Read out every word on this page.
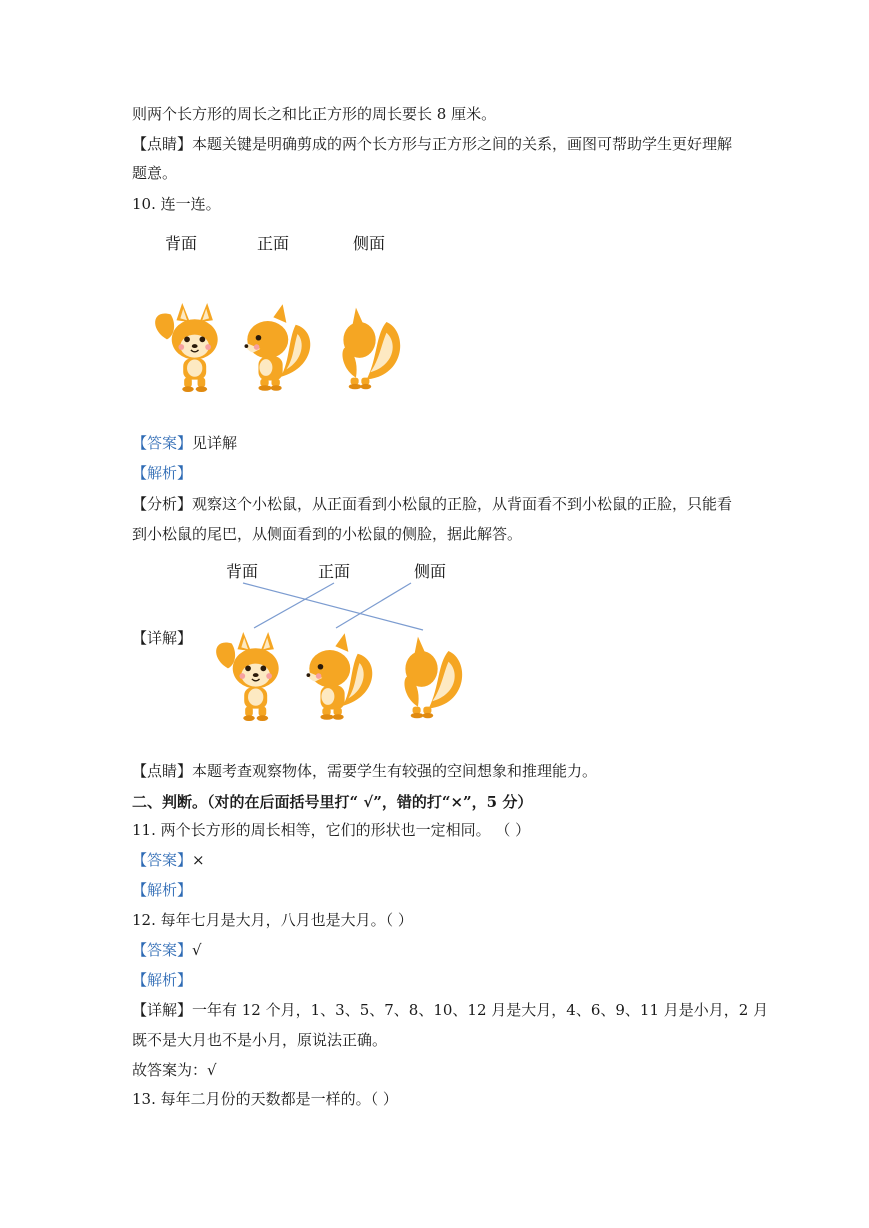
则两个长方形的周长之和比正方形的周长要长 8 厘米。
【点睛】本题关键是明确剪成的两个长方形与正方形之间的关系，画图可帮助学生更好理解
题意。
10. 连一连。
背面	正面	侧面
【答案】见详解
【解析】
【分析】观察这个小松鼠，从正面看到小松鼠的正脸，从背面看不到小松鼠的正脸，只能看
到小松鼠的尾巴，从侧面看到的小松鼠的侧脸，据此解答。
【详解】
背面	正面	侧面
【点睛】本题考查观察物体，需要学生有较强的空间想象和推理能力。
二、判断。（对的在后面括号里打“ √”，错的打“×”，5 分）
11. 两个长方形的周长相等，它们的形状也一定相同。 （ ）
【答案】×
【解析】
12. 每年七月是大月，八月也是大月。（ ）
【答案】√
【解析】
【详解】一年有 12 个月，1、3、5、7、8、10、12 月是大月，4、6、9、11 月是小月，2 月
既不是大月也不是小月，原说法正确。
故答案为：√
13. 每年二月份的天数都是一样的。（ ）
